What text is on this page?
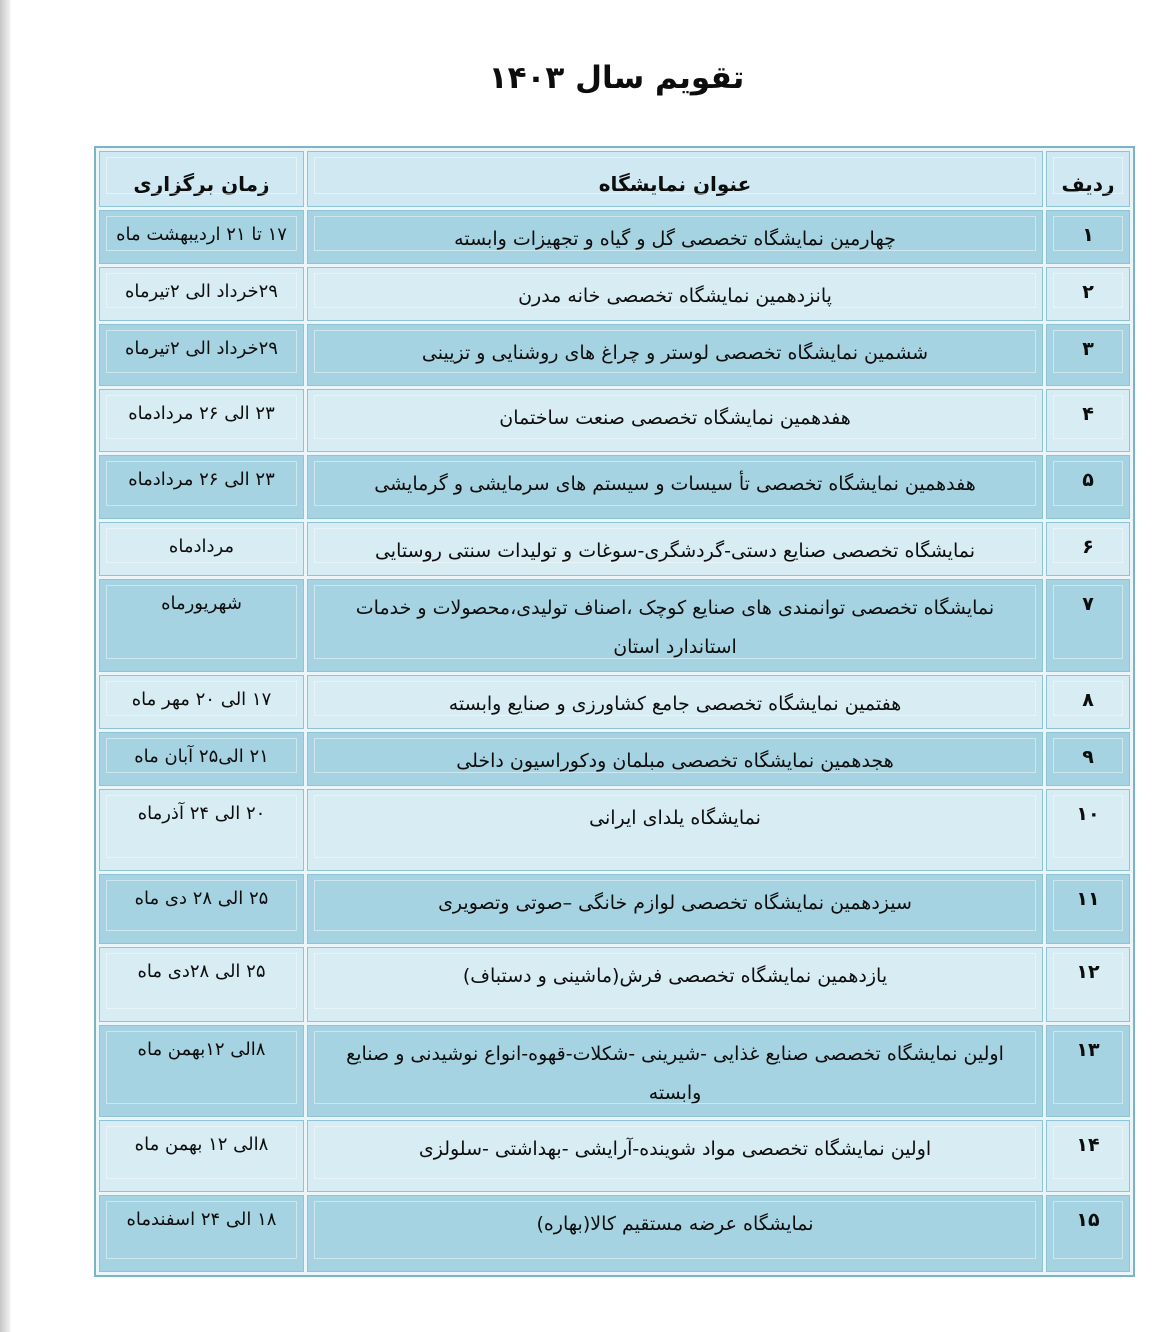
تقویم سال ۱۴۰۳
ردیف	عنوان نمایشگاه	زمان برگزاری
۱	چهارمین نمایشگاه تخصصی گل و گیاه و تجهیزات وابسته	۱۷ تا ۲۱ اردیبهشت ماه
۲	پانزدهمین نمایشگاه تخصصی خانه مدرن	۲۹خرداد الی ۲تیرماه
۳	ششمین نمایشگاه تخصصی لوستر و چراغ های روشنایی و تزیینی	۲۹خرداد الی ۲تیرماه
۴	هفدهمین نمایشگاه تخصصی صنعت ساختمان	۲۳ الی ۲۶ مردادماه
۵	هفدهمین نمایشگاه تخصصی تأ سیسات و سیستم های سرمایشی و گرمایشی	۲۳ الی ۲۶ مردادماه
۶	نمایشگاه تخصصی صنایع دستی-گردشگری-سوغات و تولیدات سنتی روستایی	مردادماه
۷	نمایشگاه تخصصی توانمندی های صنایع کوچک ،اصناف تولیدی،محصولات و خدمات استاندارد استان	شهریورماه
۸	هفتمین نمایشگاه تخصصی جامع کشاورزی و صنایع وابسته	۱۷ الی ۲۰ مهر ماه
۹	هجدهمین نمایشگاه تخصصی مبلمان ودکوراسیون داخلی	۲۱ الی۲۵ آبان ماه
۱۰	نمایشگاه یلدای ایرانی	۲۰ الی ۲۴ آذرماه
۱۱	سیزدهمین نمایشگاه تخصصی لوازم خانگی –صوتی وتصویری	۲۵ الی ۲۸ دی ماه
۱۲	یازدهمین نمایشگاه تخصصی فرش(ماشینی و دستباف)	۲۵ الی ۲۸دی ماه
۱۳	اولین نمایشگاه تخصصی صنایع غذایی -شیرینی -شکلات-قهوه-انواع نوشیدنی و صنایع وابسته	۸الی ۱۲بهمن ماه
۱۴	اولین نمایشگاه تخصصی مواد شوینده-آرایشی -بهداشتی -سلولزی	۸الی ۱۲ بهمن ماه
۱۵	نمایشگاه عرضه مستقیم کالا(بهاره)	۱۸ الی ۲۴ اسفندماه
